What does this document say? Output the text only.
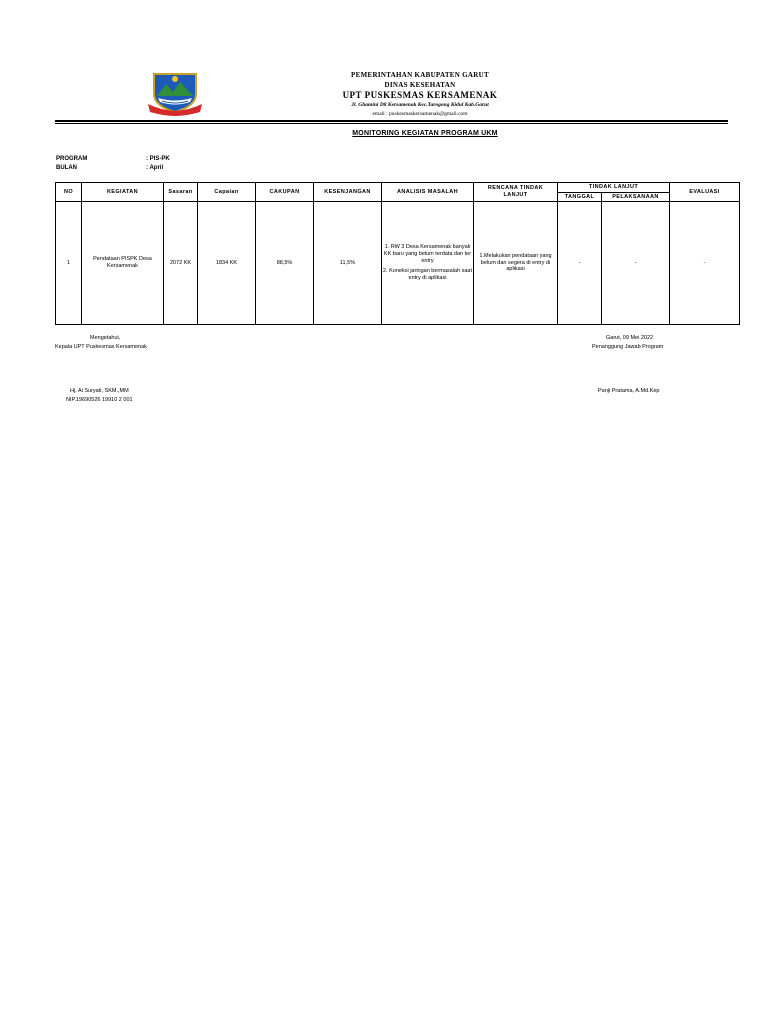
PEMERINTAHAN KABUPATEN GARUT
DINAS KESEHATAN
UPT PUSKESMAS KERSAMENAK
Jl. Ghamini D8 Kersamenak Kec.Tarogong Kidul Kab.Garut
email : puskesmaskersamenak@gmail.com
MONITORING KEGIATAN PROGRAM UKM
PROGRAM	: PIS-PK
BULAN	: April
NO	KEGIATAN	Sasaran	Capaian	CAKUPAN	KESENJANGAN	ANALISIS MASALAH	RENCANA TINDAK LANJUT	TINDAK LANJUT		EVALUASI
								TANGGAL	PELAKSANAAN	
1	Pendataan PISPK Desa Kersamenak	2072 KK	1834 KK	88,5%	11,5%	1. RW 3 Desa Kersamenak banyak KK baru yang belum terdata dan ter entry
2. Koneksi jaringan bermasalah saat entry di aplikasi	1.Melakukan pendataan yang belum dan segera di entry di aplikasi	-	-	-
Mengetahui,
Kepala UPT Puskesmas Kersamenak
Hj. Ai Suryati, SKM.,MM
NIP.19690526 19910 2 001
Garut, 09 Mei 2022
Penanggung Jawab Program
Panji Pratama, A.Md.Kep
